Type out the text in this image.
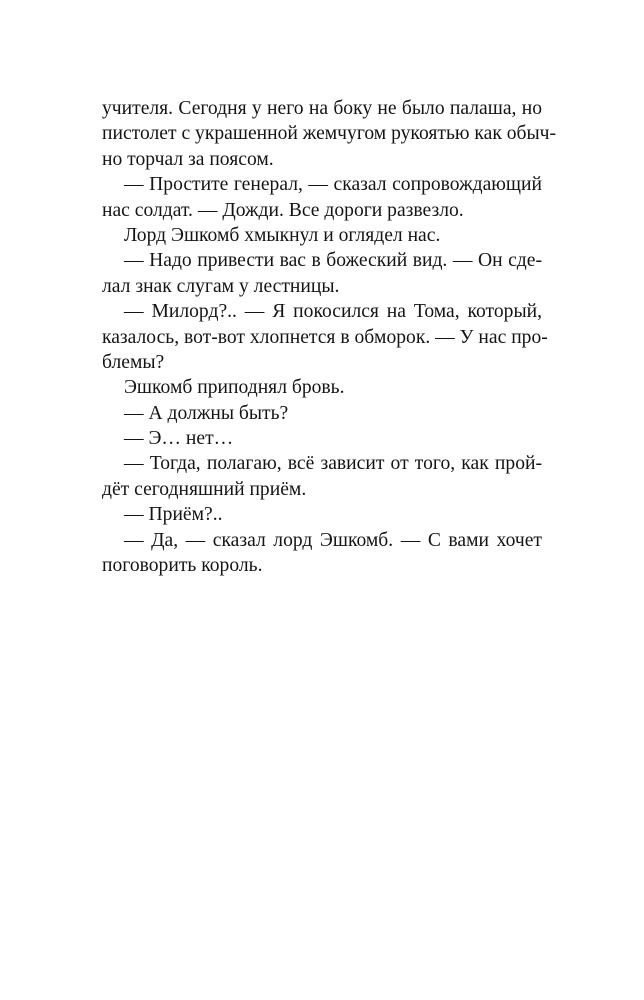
учителя. Сегодня у него на боку не было палаша, но
пистолет с украшенной жемчугом рукоятью как обыч-
но торчал за поясом.
— Простите генерал, — сказал сопровождающий
нас солдат. — Дожди. Все дороги развезло.
Лорд Эшкомб хмыкнул и оглядел нас.
— Надо привести вас в божеский вид. — Он сде-
лал знак слугам у лестницы.
— Милорд?.. — Я покосился на Тома, который,
казалось, вот-вот хлопнется в обморок. — У нас про-
блемы?
Эшкомб приподнял бровь.
— А должны быть?
— Э… нет…
— Тогда, полагаю, всё зависит от того, как прой-
дёт сегодняшний приём.
— Приём?..
— Да, — сказал лорд Эшкомб. — С вами хочет
поговорить король.
